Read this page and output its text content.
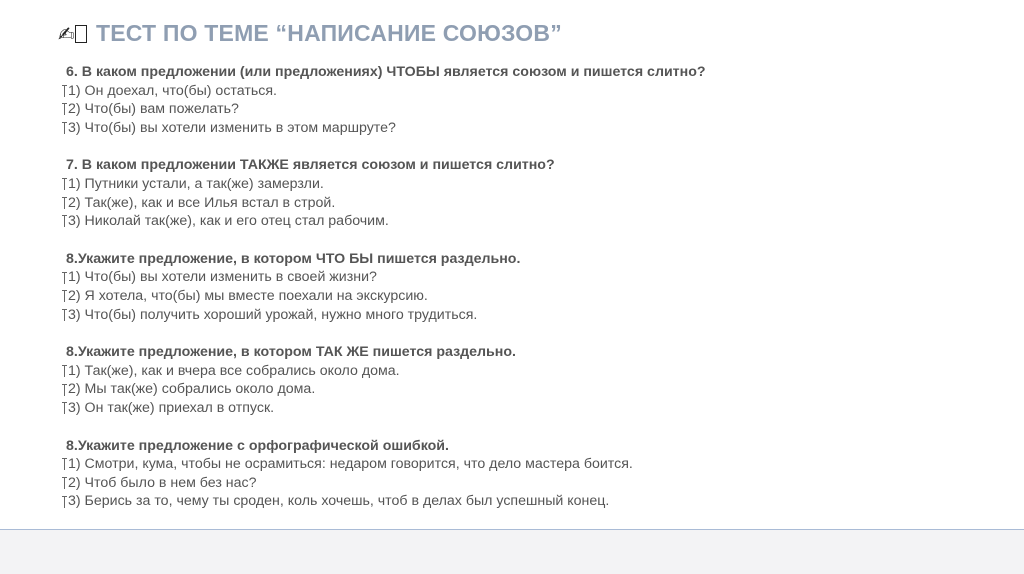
✍ ТЕСТ ПО ТЕМЕ “НАПИСАНИЕ СОЮЗОВ”
6. В каком предложении (или предложениях) ЧТОБЫ является союзом и пишется слитно?
1) Он доехал, что(бы) остаться.
2) Что(бы) вам пожелать?
3) Что(бы) вы хотели изменить в этом маршруте?
7. В каком предложении ТАКЖЕ является союзом и пишется слитно?
1) Путники устали, а так(же) замерзли.
2) Так(же), как и все Илья встал в строй.
3) Николай так(же), как и его отец стал рабочим.
8.Укажите предложение, в котором ЧТО БЫ пишется раздельно.
1) Что(бы) вы хотели изменить в своей жизни?
2) Я хотела, что(бы) мы вместе поехали на экскурсию.
3) Что(бы) получить хороший урожай, нужно много трудиться.
8.Укажите предложение, в котором ТАК ЖЕ пишется раздельно.
1) Так(же), как и вчера все собрались около дома.
2) Мы так(же) собрались около дома.
3) Он так(же) приехал в отпуск.
8.Укажите предложение с орфографической ошибкой.
1) Смотри, кума, чтобы не осрамиться: недаром говорится, что дело мастера боится.
2) Чтоб было в нем без нас?
3) Берись за то, чему ты сроден, коль хочешь, чтоб в делах был успешный конец.
